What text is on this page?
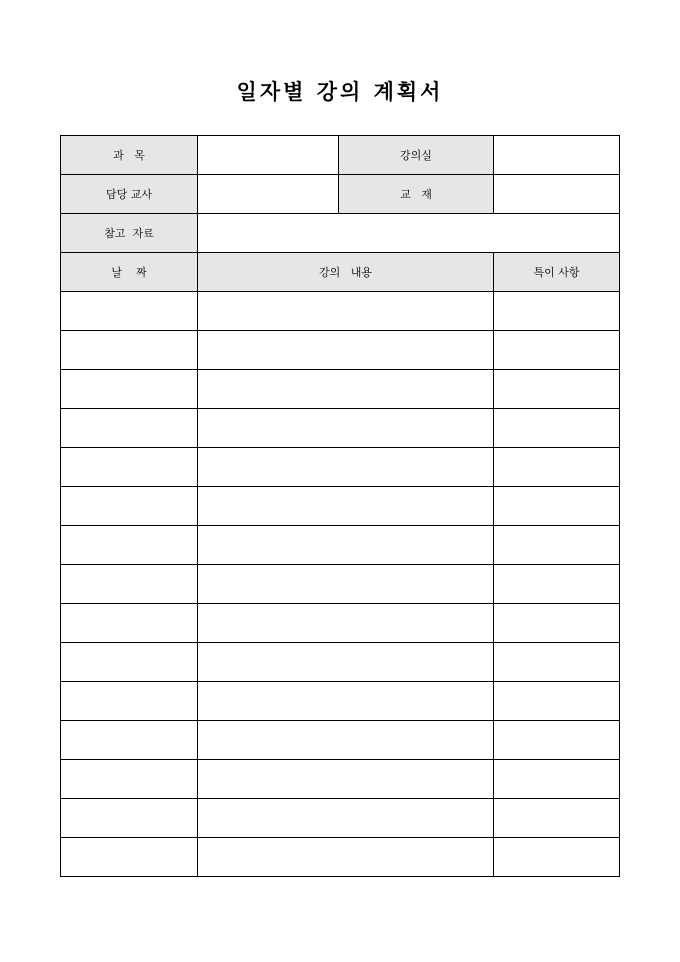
일자별 강의 계획서
과   목		강의실	
담당 교사		교   재	
참고  자료			
날    짜	강의   내용		특이 사항
